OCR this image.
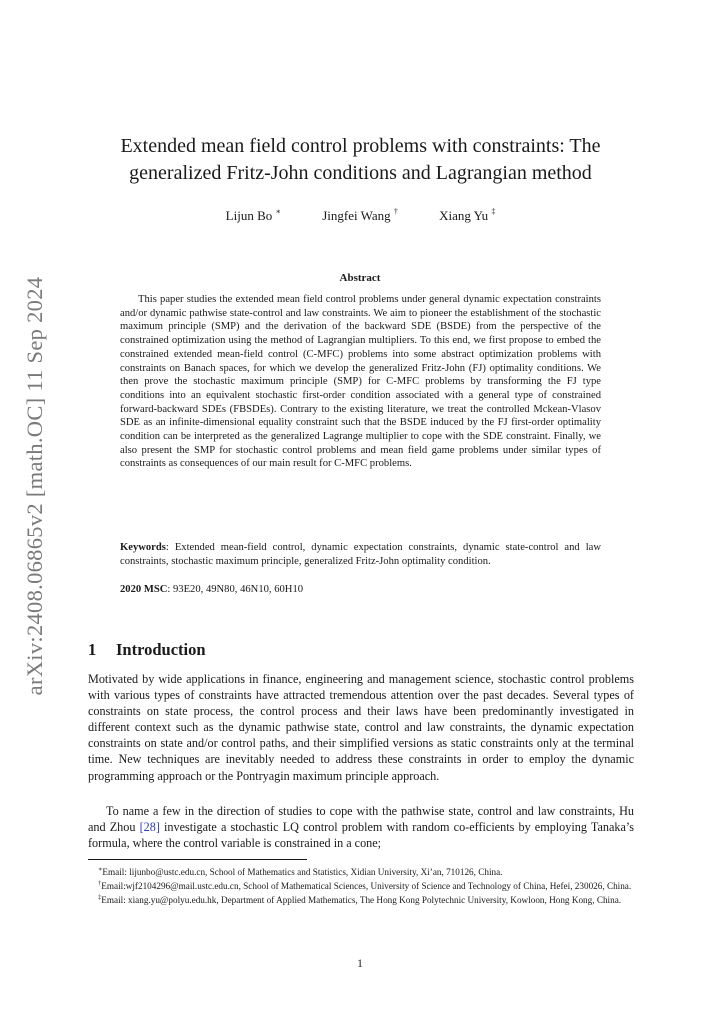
arXiv:2408.06865v2 [math.OC] 11 Sep 2024
Extended mean field control problems with constraints: The
generalized Fritz-John conditions and Lagrangian method
Lijun Bo ∗	Jingfei Wang †	Xiang Yu ‡
Abstract

This paper studies the extended mean field control problems under general dynamic expectation constraints and/or dynamic pathwise state-control and law constraints. We aim to pioneer the establishment of the stochastic maximum principle (SMP) and the derivation of the backward SDE (BSDE) from the perspective of the constrained optimization using the method of Lagrangian multipliers. To this end, we first propose to embed the constrained extended mean-field control (C-MFC) problems into some abstract optimization problems with constraints on Banach spaces, for which we develop the generalized Fritz-John (FJ) optimality conditions. We then prove the stochastic maximum principle (SMP) for C-MFC problems by transforming the FJ type conditions into an equivalent stochastic first-order condition associated with a general type of constrained forward-backward SDEs (FBSDEs). Contrary to the existing literature, we treat the controlled Mckean-Vlasov SDE as an infinite-dimensional equality constraint such that the BSDE induced by the FJ first-order optimality condition can be interpreted as the generalized Lagrange multiplier to cope with the SDE constraint. Finally, we also present the SMP for stochastic control problems and mean field game problems under similar types of constraints as consequences of our main result for C-MFC problems.

Keywords: Extended mean-field control, dynamic expectation constraints, dynamic state-control and law constraints, stochastic maximum principle, generalized Fritz-John optimality condition.

2020 MSC: 93E20, 49N80, 46N10, 60H10

1 Introduction

Motivated by wide applications in finance, engineering and management science, stochastic control problems with various types of constraints have attracted tremendous attention over the past decades. Several types of constraints on state process, the control process and their laws have been predominantly investigated in different context such as the dynamic pathwise state, control and law constraints, the dynamic expectation constraints on state and/or control paths, and their simplified versions as static constraints only at the terminal time. New techniques are inevitably needed to address these constraints in order to employ the dynamic programming approach or the Pontryagin maximum principle approach.

To name a few in the direction of studies to cope with the pathwise state, control and law constraints, Hu and Zhou [28] investigate a stochastic LQ control problem with random co-efficients by employing Tanaka’s formula, where the control variable is constrained in a cone;

∗Email: lijunbo@ustc.edu.cn, School of Mathematics and Statistics, Xidian University, Xi’an, 710126, China.

†Email:wjf2104296@mail.ustc.edu.cn, School of Mathematical Sciences, University of Science and Technology of China, Hefei, 230026, China.

‡Email: xiang.yu@polyu.edu.hk, Department of Applied Mathematics, The Hong Kong Polytechnic University, Kowloon, Hong Kong, China.

1
